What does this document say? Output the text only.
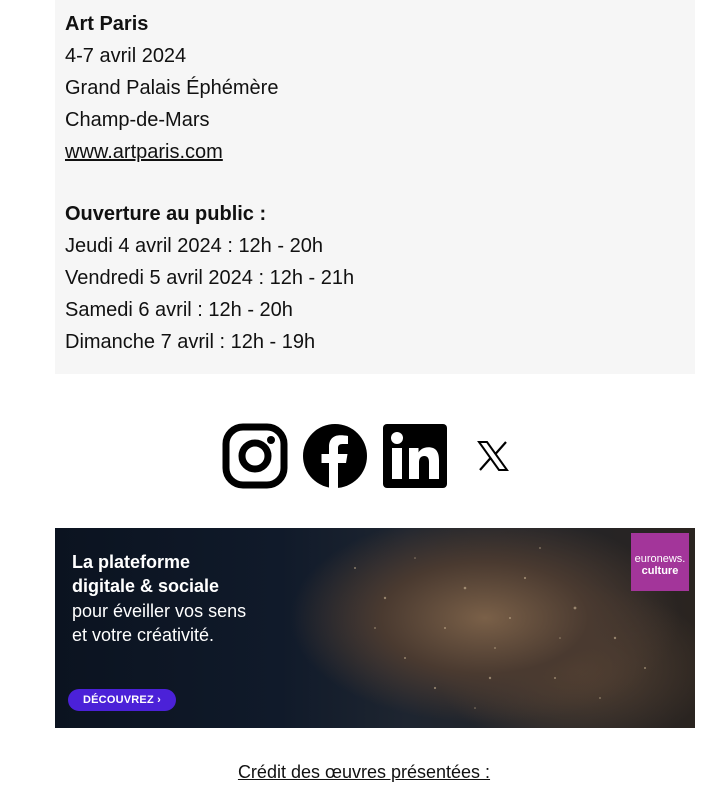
Art Paris
4-7 avril 2024
Grand Palais Éphémère
Champ-de-Mars
www.artparis.com
Ouverture au public :
Jeudi 4 avril 2024 : 12h - 20h
Vendredi 5 avril 2024 : 12h - 21h
Samedi 6 avril : 12h - 20h
Dimanche 7 avril : 12h - 19h
La plateforme
digitale & sociale
pour éveiller vos sens
et votre créativité.
DÉCOUVREZ ›
euronews.
culture
Crédit des œuvres présentées :
